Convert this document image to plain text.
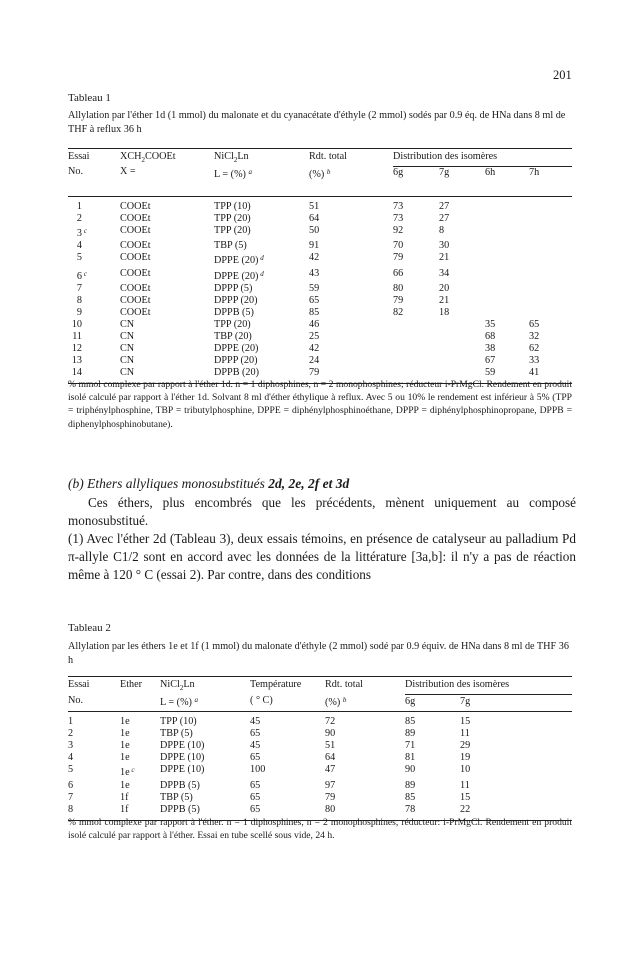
201
Tableau 1
Allylation par l'éther 1d (1 mmol) du malonate et du cyanacétate d'éthyle (2 mmol) sodés par 0.9 éq. de HNa dans 8 ml de THF à reflux 36 h
Essai	$XCH_2COOEt$	NiCl$_2$Ln	Rdt. total	Distribution des isomères			
No.	X =	L = (%) $^a$	(%) $^b$	6g	7g	6h	7h

1	COOEt	TPP (10)	51	73	27		
2	COOEt	TPP (20)	64	73	27		
3 $^c$	COOEt	TPP (20)	50	92	8		
4	COOEt	TBP (5)	91	70	30		
5	COOEt	DPPE (20) $^d$	42	79	21		
6 $^c$	COOEt	DPPE (20) $^d$	43	66	34		
7	COOEt	DPPP (5)	59	80	20		
8	COOEt	DPPP (20)	65	79	21		
9	COOEt	DPPB (5)	85	82	18		
10	CN	TPP (20)	46			35	65
11	CN	TBP (20)	25			68	32
12	CN	DPPE (20)	42			38	62
13	CN	DPPP (20)	24			67	33
14	CN	DPPB (20)	79			59	41
% mmol complexe par rapport à l'éther 1d. n = 1 diphosphines, n = 2 monophosphines; réducteur i-PrMgCl. Rendement en produit isolé calculé par rapport à l'éther 1d. Solvant 8 ml d'éther éthylique à reflux. Avec 5 ou 10% le rendement est inférieur à 5% (TPP = triphénylphosphine, TBP = tributylphosphine, DPPE = diphénylphosphinoéthane, DPPP = diphénylphosphinopropane, DPPB = diphenylphosphinobutane).
(b) Ethers allyliques monosubstitués 2d, 2e, 2f et 3d

Ces éthers, plus encombrés que les précédents, mènent uniquement au composé monosubstitué.

(1) Avec l'éther 2d (Tableau 3), deux essais témoins, en présence de catalyseur au palladium Pd π-allyle C1/2 sont en accord avec les données de la littérature [3a,b]: il n'y a pas de réaction même à 120 ° C (essai 2). Par contre, dans des conditions

Tableau 2
Allylation par les éthers 1e et 1f (1 mmol) du malonate d'éthyle (2 mmol) sodé par 0.9 équiv. de HNa dans 8 ml de THF 36 h
Essai	Ether	NiCl$_2$Ln	Température	Rdt. total	Distribution des isomères	
No.		L = (%) $^a$	( ° C)	(%) $^b$	6g	7g
1	1e	TPP (10)	45	72	85	15
2	1e	TBP (5)	65	90	89	11
3	1e	DPPE (10)	45	51	71	29
4	1e	DPPE (10)	65	64	81	19
5	1e $^c$	DPPE (10)	100	47	90	10
6	1e	DPPB (5)	65	97	89	11
7	1f	TBP (5)	65	79	85	15
8	1f	DPPB (5)	65	80	78	22
% mmol complexe par rapport à l'éther. n = 1 diphosphines, n = 2 monophosphines, réducteur: i-PrMgCl. Rendement en produit isolé calculé par rapport à l'éther. Essai en tube scellé sous vide, 24 h.
